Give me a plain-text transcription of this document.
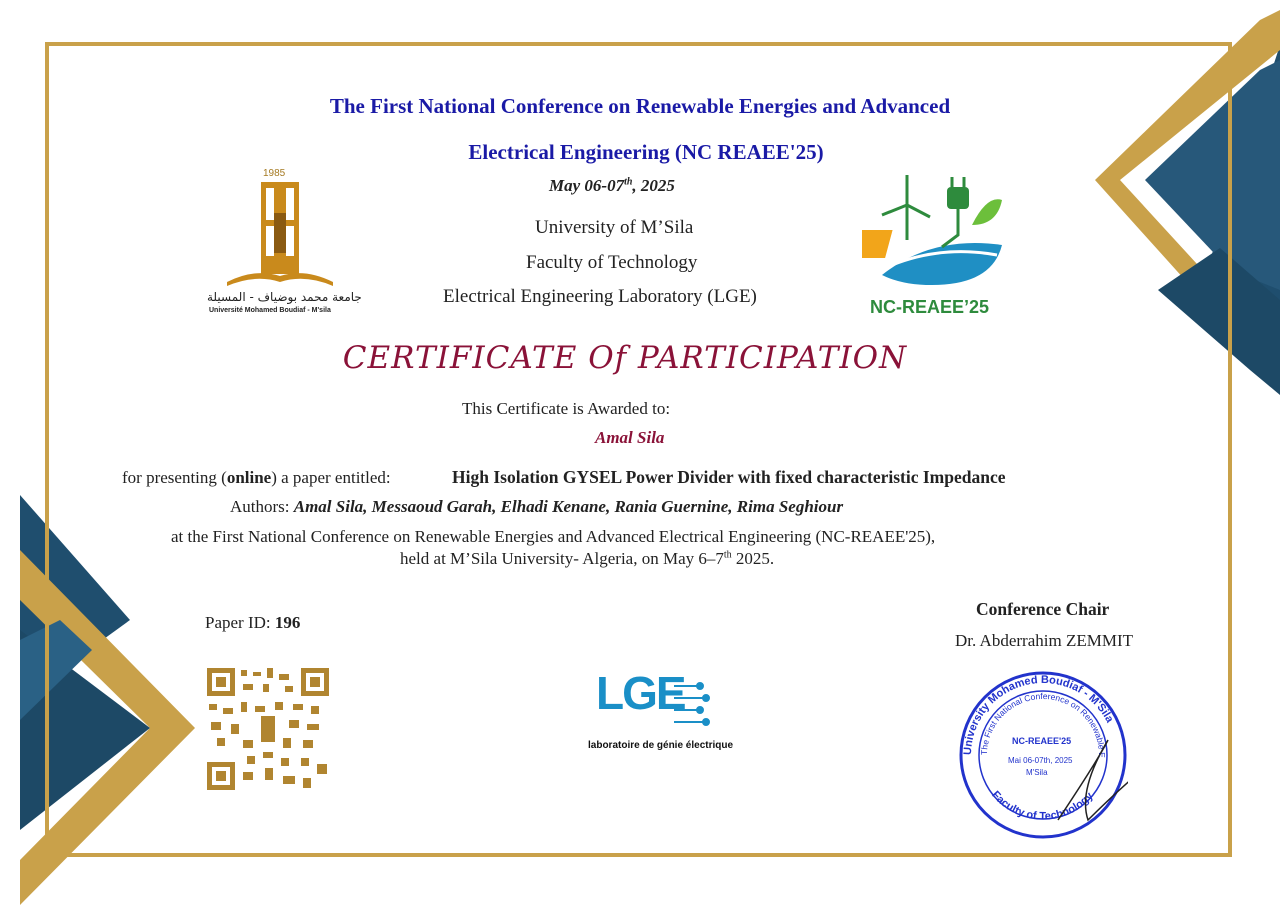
The First National Conference on Renewable Energies and Advanced
Electrical Engineering (NC REAEE'25)
May 06-07th, 2025
University of M’Sila
Faculty of Technology
Electrical Engineering Laboratory (LGE)
1985
جامعة محمد بوضياف - المسيلة
Université Mohamed Boudiaf - M'sila	NC-REAEE’25
CERTIFICATE Of PARTICIPATION
This Certificate is Awarded to:
Amal Sila
for presenting (online) a paper entitled:	High Isolation GYSEL Power Divider with fixed characteristic Impedance
Authors: Amal Sila, Messaoud Garah, Elhadi Kenane, Rania Guernine, Rima Seghiour
at the First National Conference on Renewable Energies and Advanced Electrical Engineering (NC-REAEE'25),
held at M’Sila University- Algeria, on May 6–7th 2025.
Paper ID: 196
LGE
laboratoire de génie électrique
Conference Chair
Dr. Abderrahim ZEMMIT
University Mohamed Boudiaf - M'Sila
The First National Conference on Renewable E
Faculty of Technology
NC-REAEE'25
Mai 06-07th, 2025
M'Sila
